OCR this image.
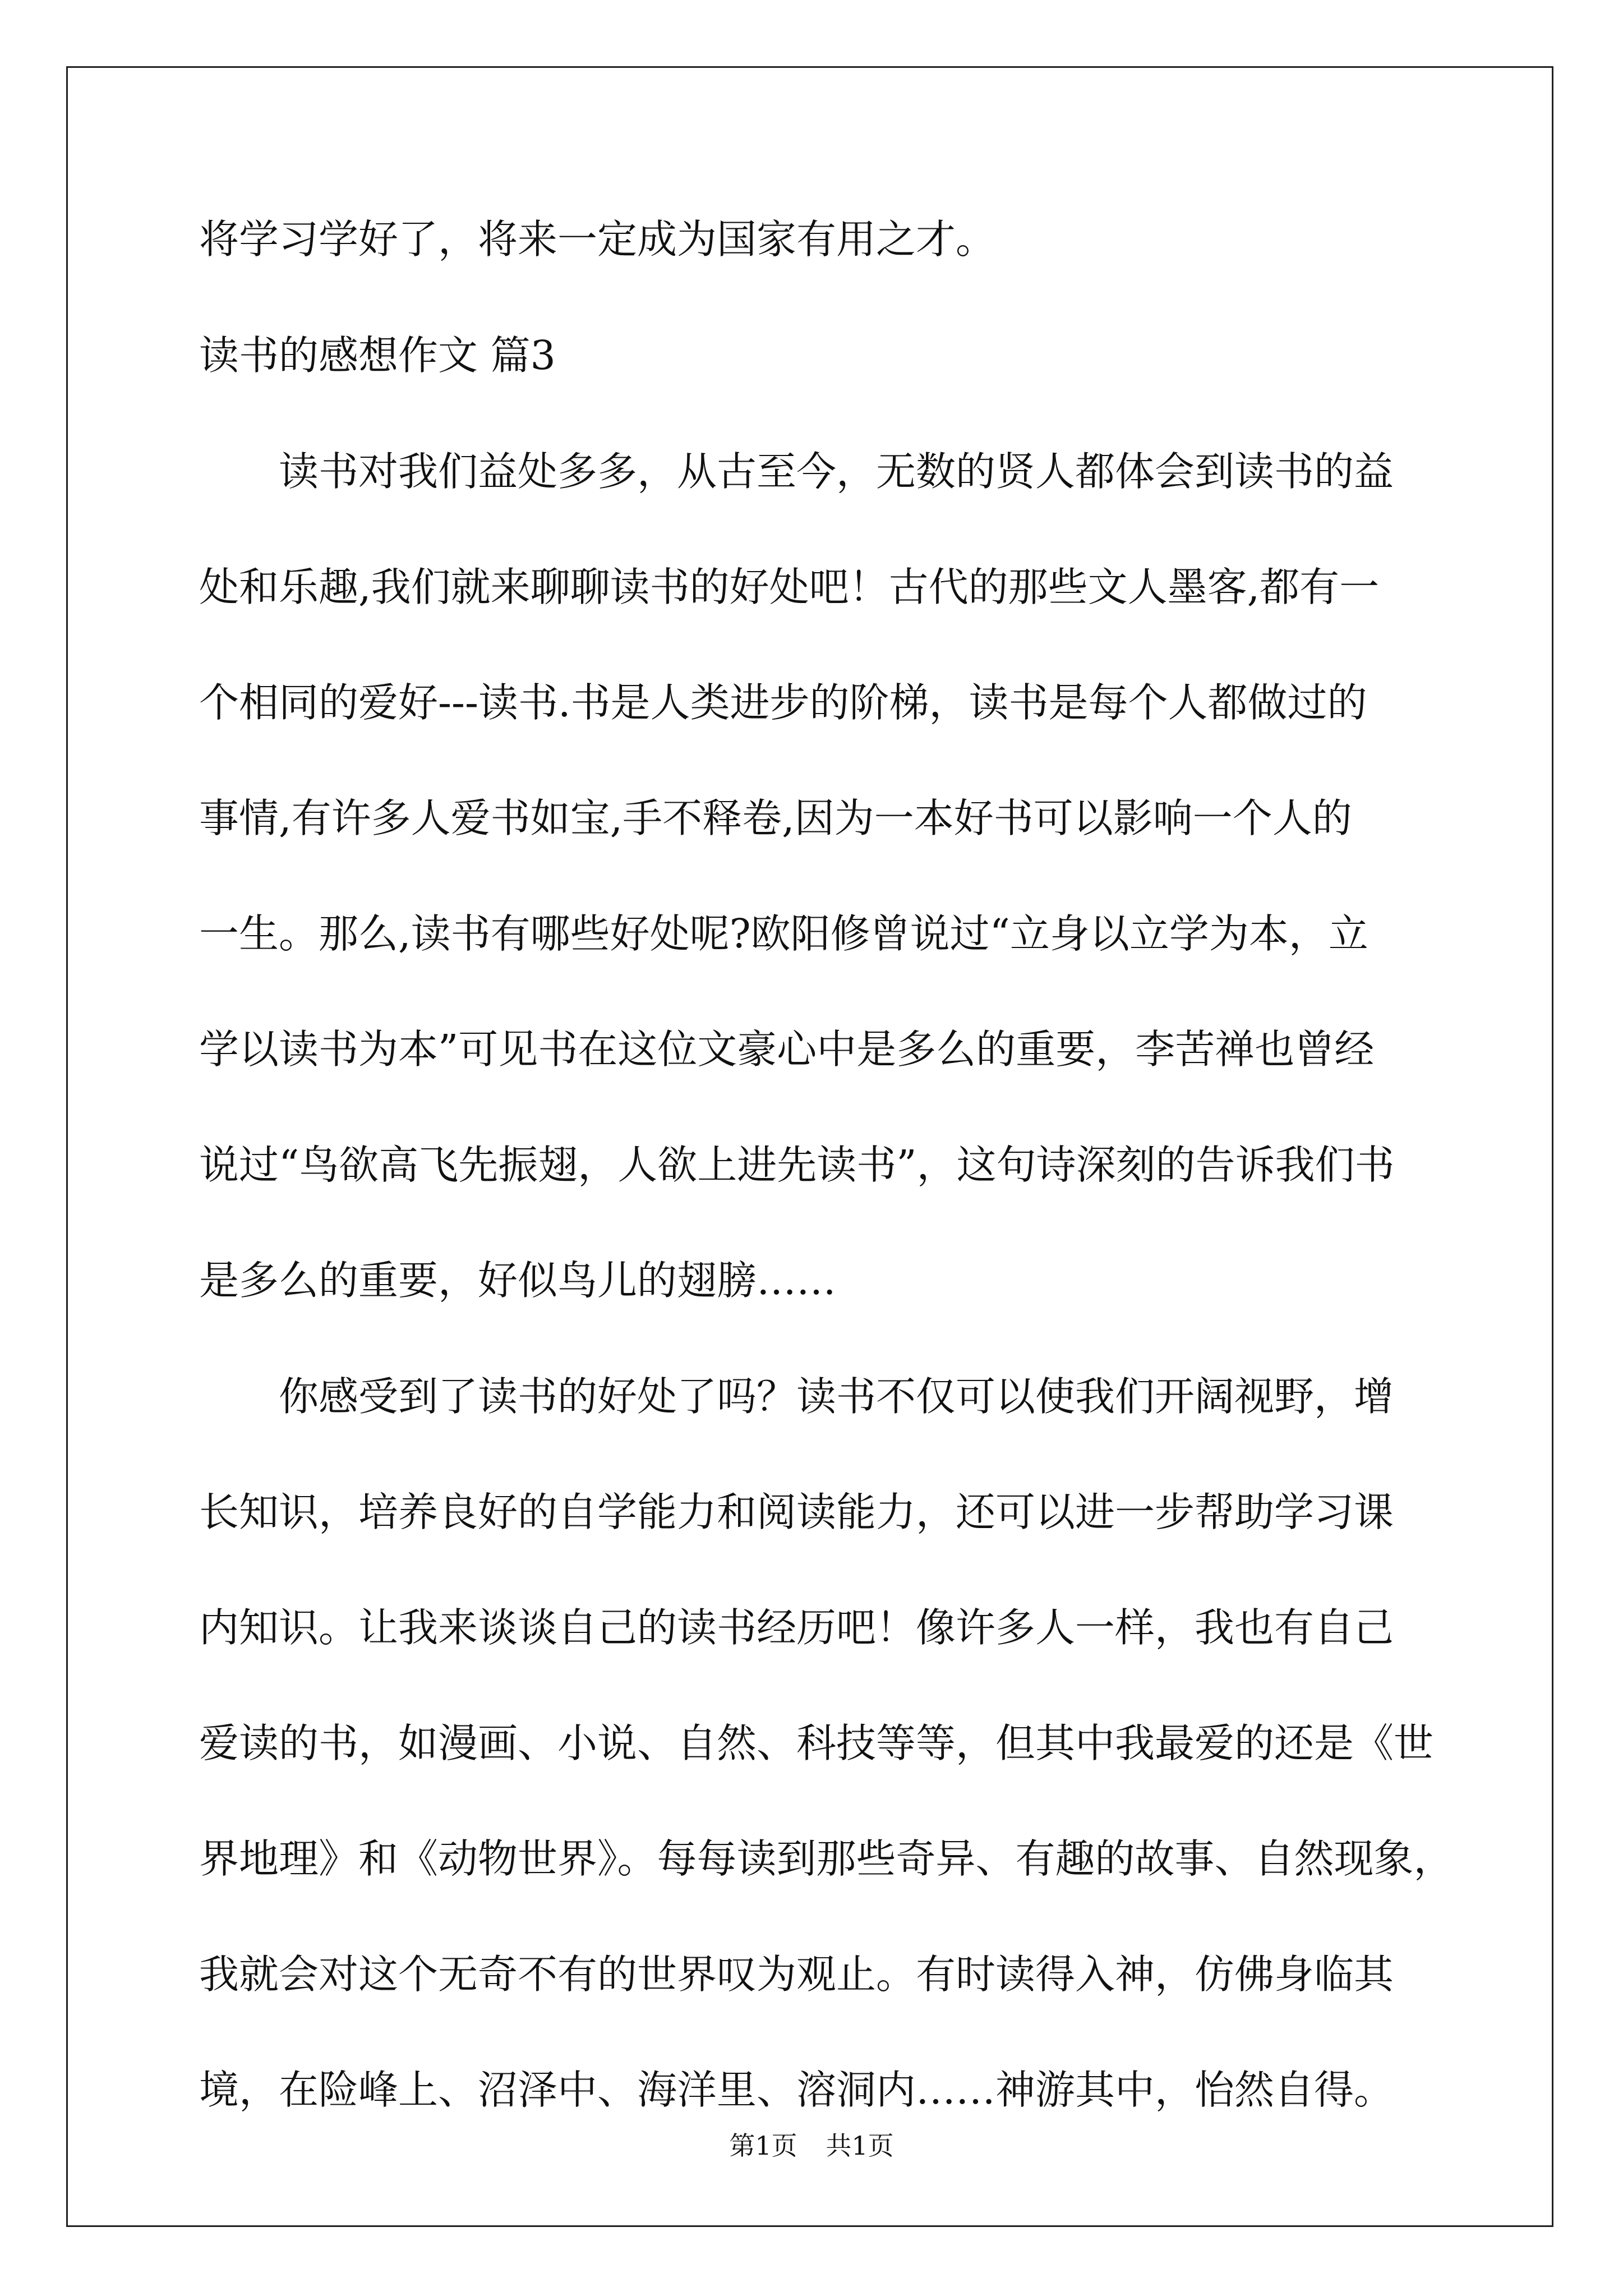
将学习学好了，将来一定成为国家有用之才。

读书的感想作文 篇3

读书对我们益处多多，从古至今，无数的贤人都体会到读书的益
处和乐趣,我们就来聊聊读书的好处吧！古代的那些文人墨客,都有一
个相同的爱好---读书.书是人类进步的阶梯，读书是每个人都做过的
事情,有许多人爱书如宝,手不释卷,因为一本好书可以影响一个人的
一生。那么,读书有哪些好处呢?欧阳修曾说过“立身以立学为本，立
学以读书为本”可见书在这位文豪心中是多么的重要，李苦禅也曾经
说过“鸟欲高飞先振翅，人欲上进先读书”，这句诗深刻的告诉我们书
是多么的重要，好似鸟儿的翅膀……
你感受到了读书的好处了吗？读书不仅可以使我们开阔视野，增
长知识，培养良好的自学能力和阅读能力，还可以进一步帮助学习课
内知识。让我来谈谈自己的读书经历吧！像许多人一样，我也有自己
爱读的书，如漫画、小说、自然、科技等等，但其中我最爱的还是《世
界地理》和《动物世界》。每每读到那些奇异、有趣的故事、自然现象，
我就会对这个无奇不有的世界叹为观止。有时读得入神，仿佛身临其
境，在险峰上、沼泽中、海洋里、溶洞内……神游其中，怡然自得。
第1页 共1页
